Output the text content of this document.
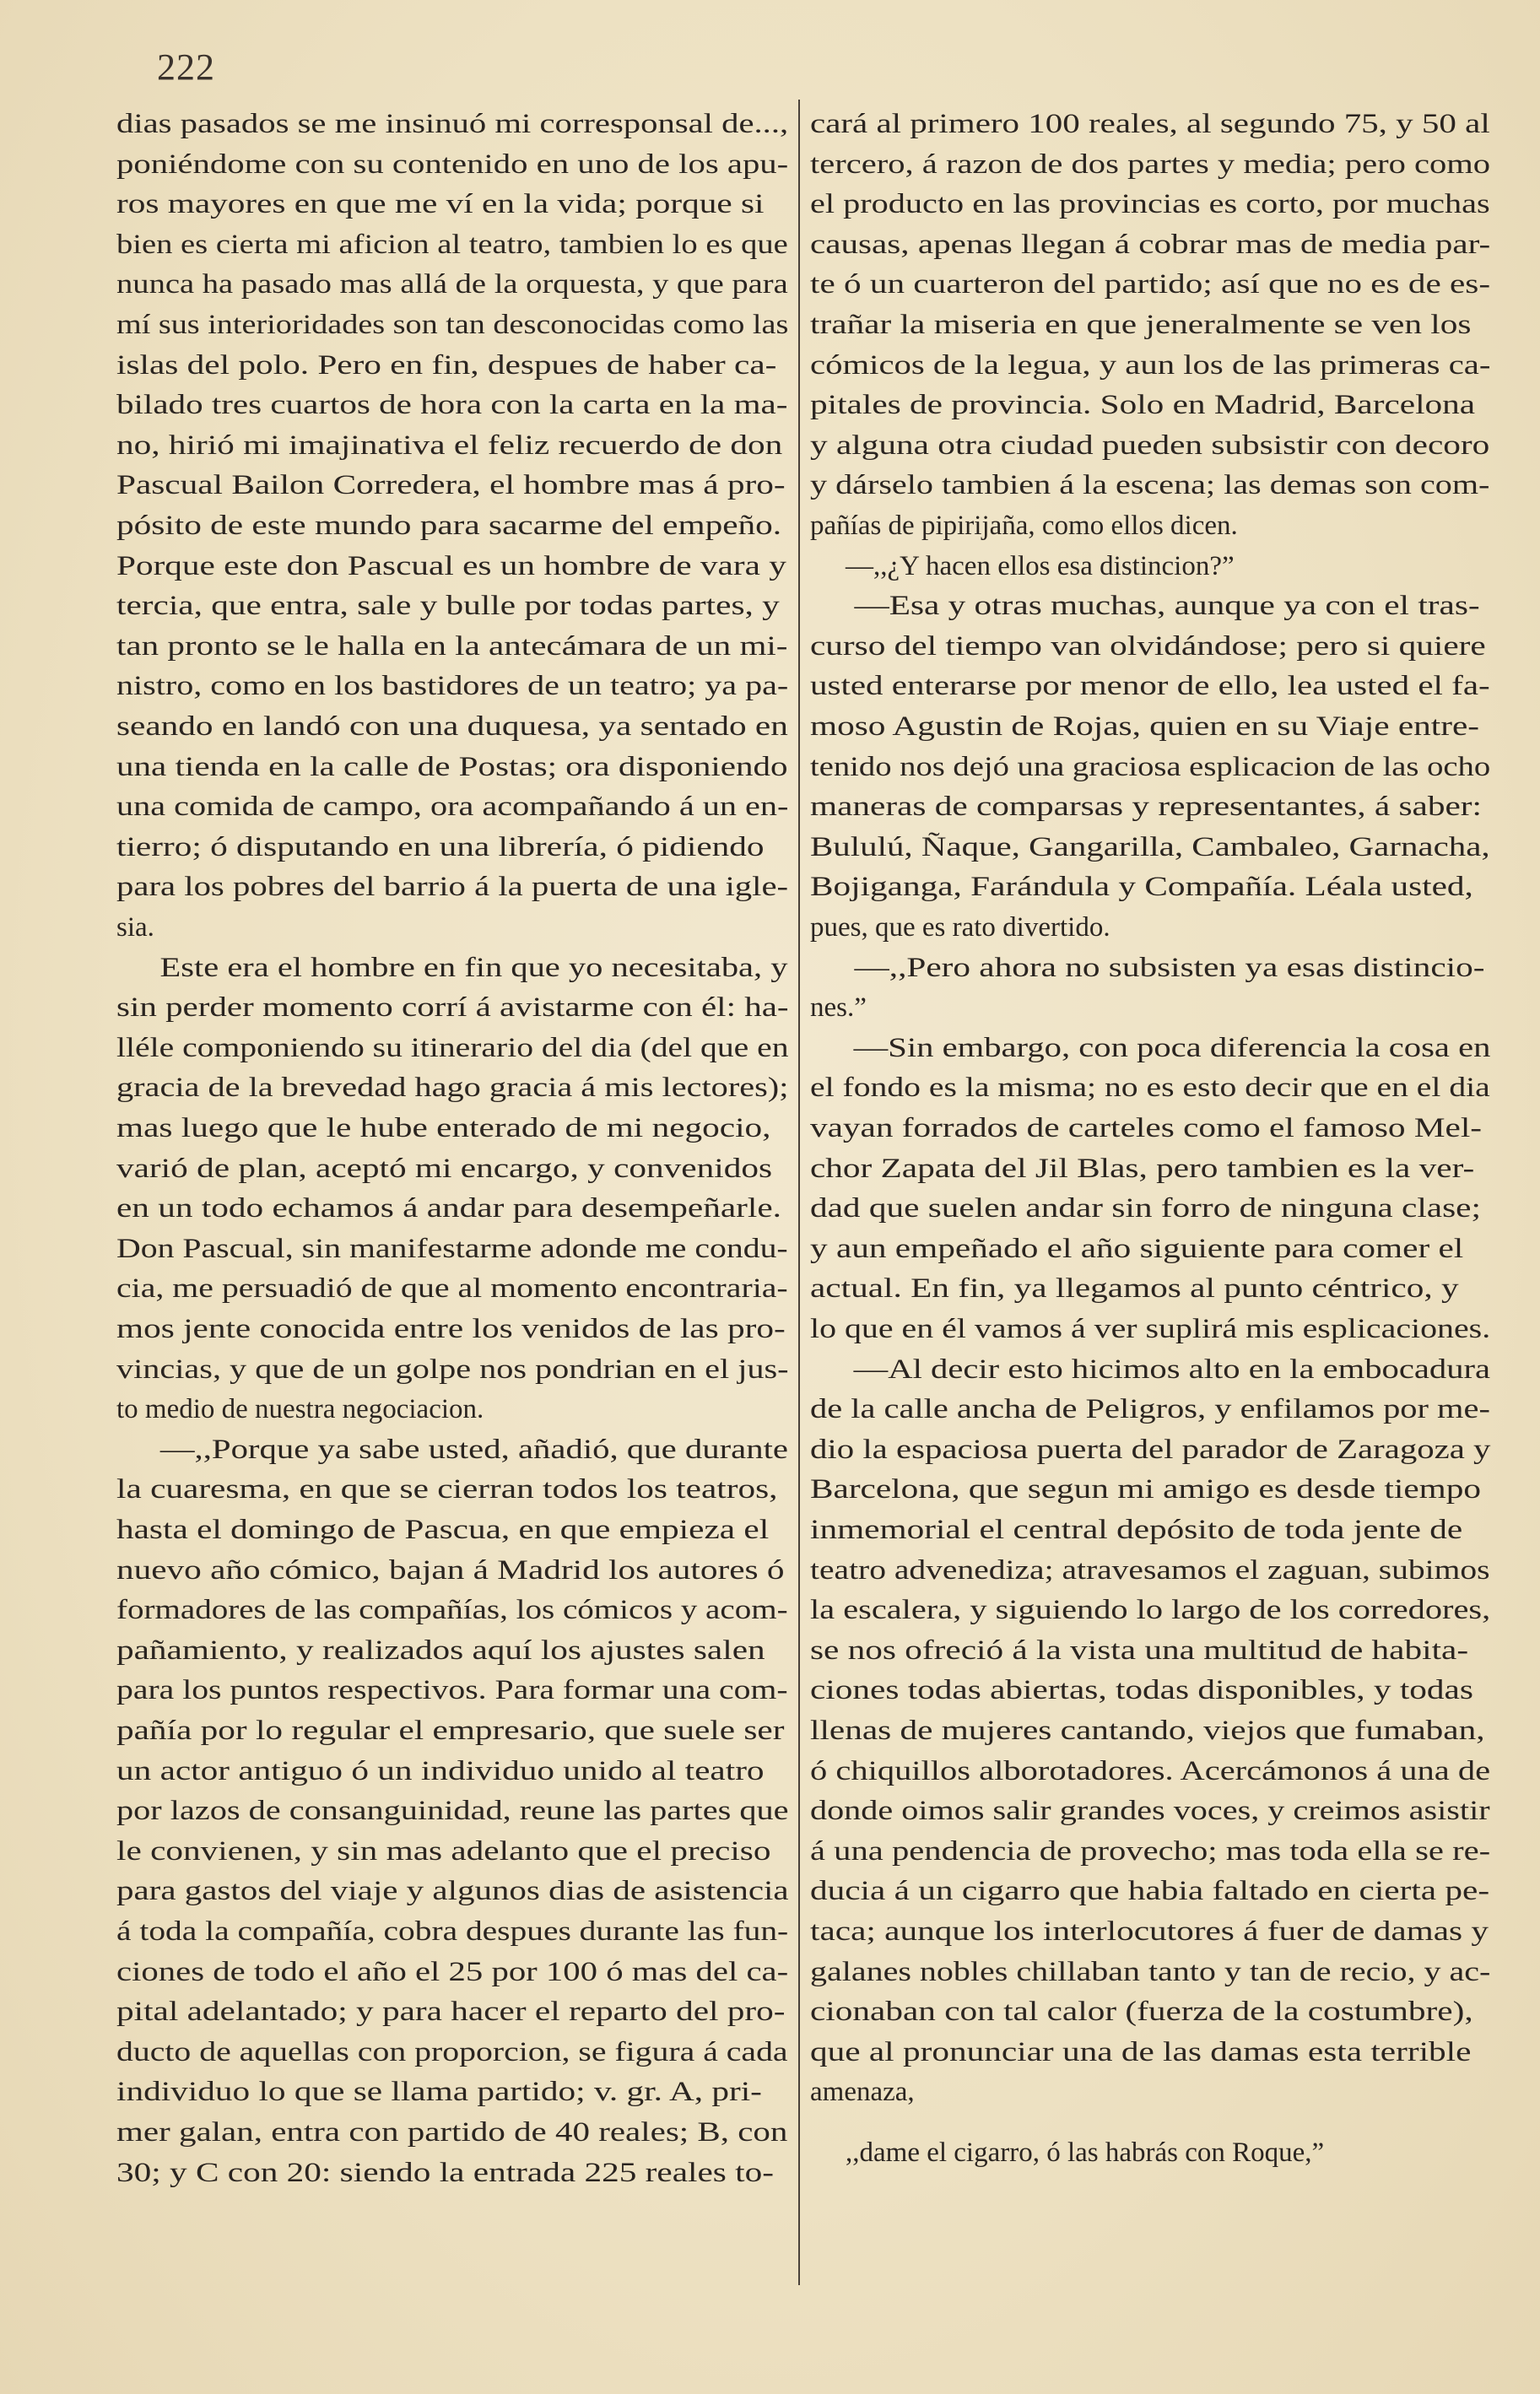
222
dias pasados se me insinuó mi corresponsal de...,
poniéndome con su contenido en uno de los apu-
ros mayores en que me ví en la vida; porque si
bien es cierta mi aficion al teatro, tambien lo es que
nunca ha pasado mas allá de la orquesta, y que para
mí sus interioridades son tan desconocidas como las
islas del polo. Pero en fin, despues de haber ca-
bilado tres cuartos de hora con la carta en la ma-
no, hirió mi imajinativa el feliz recuerdo de don
Pascual Bailon Corredera, el hombre mas á pro-
pósito de este mundo para sacarme del empeño.
Porque este don Pascual es un hombre de vara y
tercia, que entra, sale y bulle por todas partes, y
tan pronto se le halla en la antecámara de un mi-
nistro, como en los bastidores de un teatro; ya pa-
seando en landó con una duquesa, ya sentado en
una tienda en la calle de Postas; ora disponiendo
una comida de campo, ora acompañando á un en-
tierro; ó disputando en una librería, ó pidiendo
para los pobres del barrio á la puerta de una igle-
sia.
Este era el hombre en fin que yo necesitaba, y
sin perder momento corrí á avistarme con él: ha-
lléle componiendo su itinerario del dia (del que en
gracia de la brevedad hago gracia á mis lectores);
mas luego que le hube enterado de mi negocio,
varió de plan, aceptó mi encargo, y convenidos
en un todo echamos á andar para desempeñarle.
Don Pascual, sin manifestarme adonde me condu-
cia, me persuadió de que al momento encontraria-
mos jente conocida entre los venidos de las pro-
vincias, y que de un golpe nos pondrian en el jus-
to medio de nuestra negociacion.
—,,Porque ya sabe usted, añadió, que durante
la cuaresma, en que se cierran todos los teatros,
hasta el domingo de Pascua, en que empieza el
nuevo año cómico, bajan á Madrid los autores ó
formadores de las compañías, los cómicos y acom-
pañamiento, y realizados aquí los ajustes salen
para los puntos respectivos. Para formar una com-
pañía por lo regular el empresario, que suele ser
un actor antiguo ó un individuo unido al teatro
por lazos de consanguinidad, reune las partes que
le convienen, y sin mas adelanto que el preciso
para gastos del viaje y algunos dias de asistencia
á toda la compañía, cobra despues durante las fun-
ciones de todo el año el 25 por 100 ó mas del ca-
pital adelantado; y para hacer el reparto del pro-
ducto de aquellas con proporcion, se figura á cada
individuo lo que se llama partido; v. gr. A, pri-
mer galan, entra con partido de 40 reales; B, con
30; y C con 20: siendo la entrada 225 reales to-
cará al primero 100 reales, al segundo 75, y 50 al
tercero, á razon de dos partes y media; pero como
el producto en las provincias es corto, por muchas
causas, apenas llegan á cobrar mas de media par-
te ó un cuarteron del partido; así que no es de es-
trañar la miseria en que jeneralmente se ven los
cómicos de la legua, y aun los de las primeras ca-
pitales de provincia. Solo en Madrid, Barcelona
y alguna otra ciudad pueden subsistir con decoro
y dárselo tambien á la escena; las demas son com-
pañías de pipirijaña, como ellos dicen.
—,,¿Y hacen ellos esa distincion?”
—Esa y otras muchas, aunque ya con el tras-
curso del tiempo van olvidándose; pero si quiere
usted enterarse por menor de ello, lea usted el fa-
moso Agustin de Rojas, quien en su Viaje entre-
tenido nos dejó una graciosa esplicacion de las ocho
maneras de comparsas y representantes, á saber:
Bululú, Ñaque, Gangarilla, Cambaleo, Garnacha,
Bojiganga, Farándula y Compañía. Léala usted,
pues, que es rato divertido.
—,,Pero ahora no subsisten ya esas distincio-
nes.”
—Sin embargo, con poca diferencia la cosa en
el fondo es la misma; no es esto decir que en el dia
vayan forrados de carteles como el famoso Mel-
chor Zapata del Jil Blas, pero tambien es la ver-
dad que suelen andar sin forro de ninguna clase;
y aun empeñado el año siguiente para comer el
actual. En fin, ya llegamos al punto céntrico, y
lo que en él vamos á ver suplirá mis esplicaciones.
—Al decir esto hicimos alto en la embocadura
de la calle ancha de Peligros, y enfilamos por me-
dio la espaciosa puerta del parador de Zaragoza y
Barcelona, que segun mi amigo es desde tiempo
inmemorial el central depósito de toda jente de
teatro advenediza; atravesamos el zaguan, subimos
la escalera, y siguiendo lo largo de los corredores,
se nos ofreció á la vista una multitud de habita-
ciones todas abiertas, todas disponibles, y todas
llenas de mujeres cantando, viejos que fumaban,
ó chiquillos alborotadores. Acercámonos á una de
donde oimos salir grandes voces, y creimos asistir
á una pendencia de provecho; mas toda ella se re-
ducia á un cigarro que habia faltado en cierta pe-
taca; aunque los interlocutores á fuer de damas y
galanes nobles chillaban tanto y tan de recio, y ac-
cionaban con tal calor (fuerza de la costumbre),
que al pronunciar una de las damas esta terrible
amenaza,
,,dame el cigarro, ó las habrás con Roque,”
